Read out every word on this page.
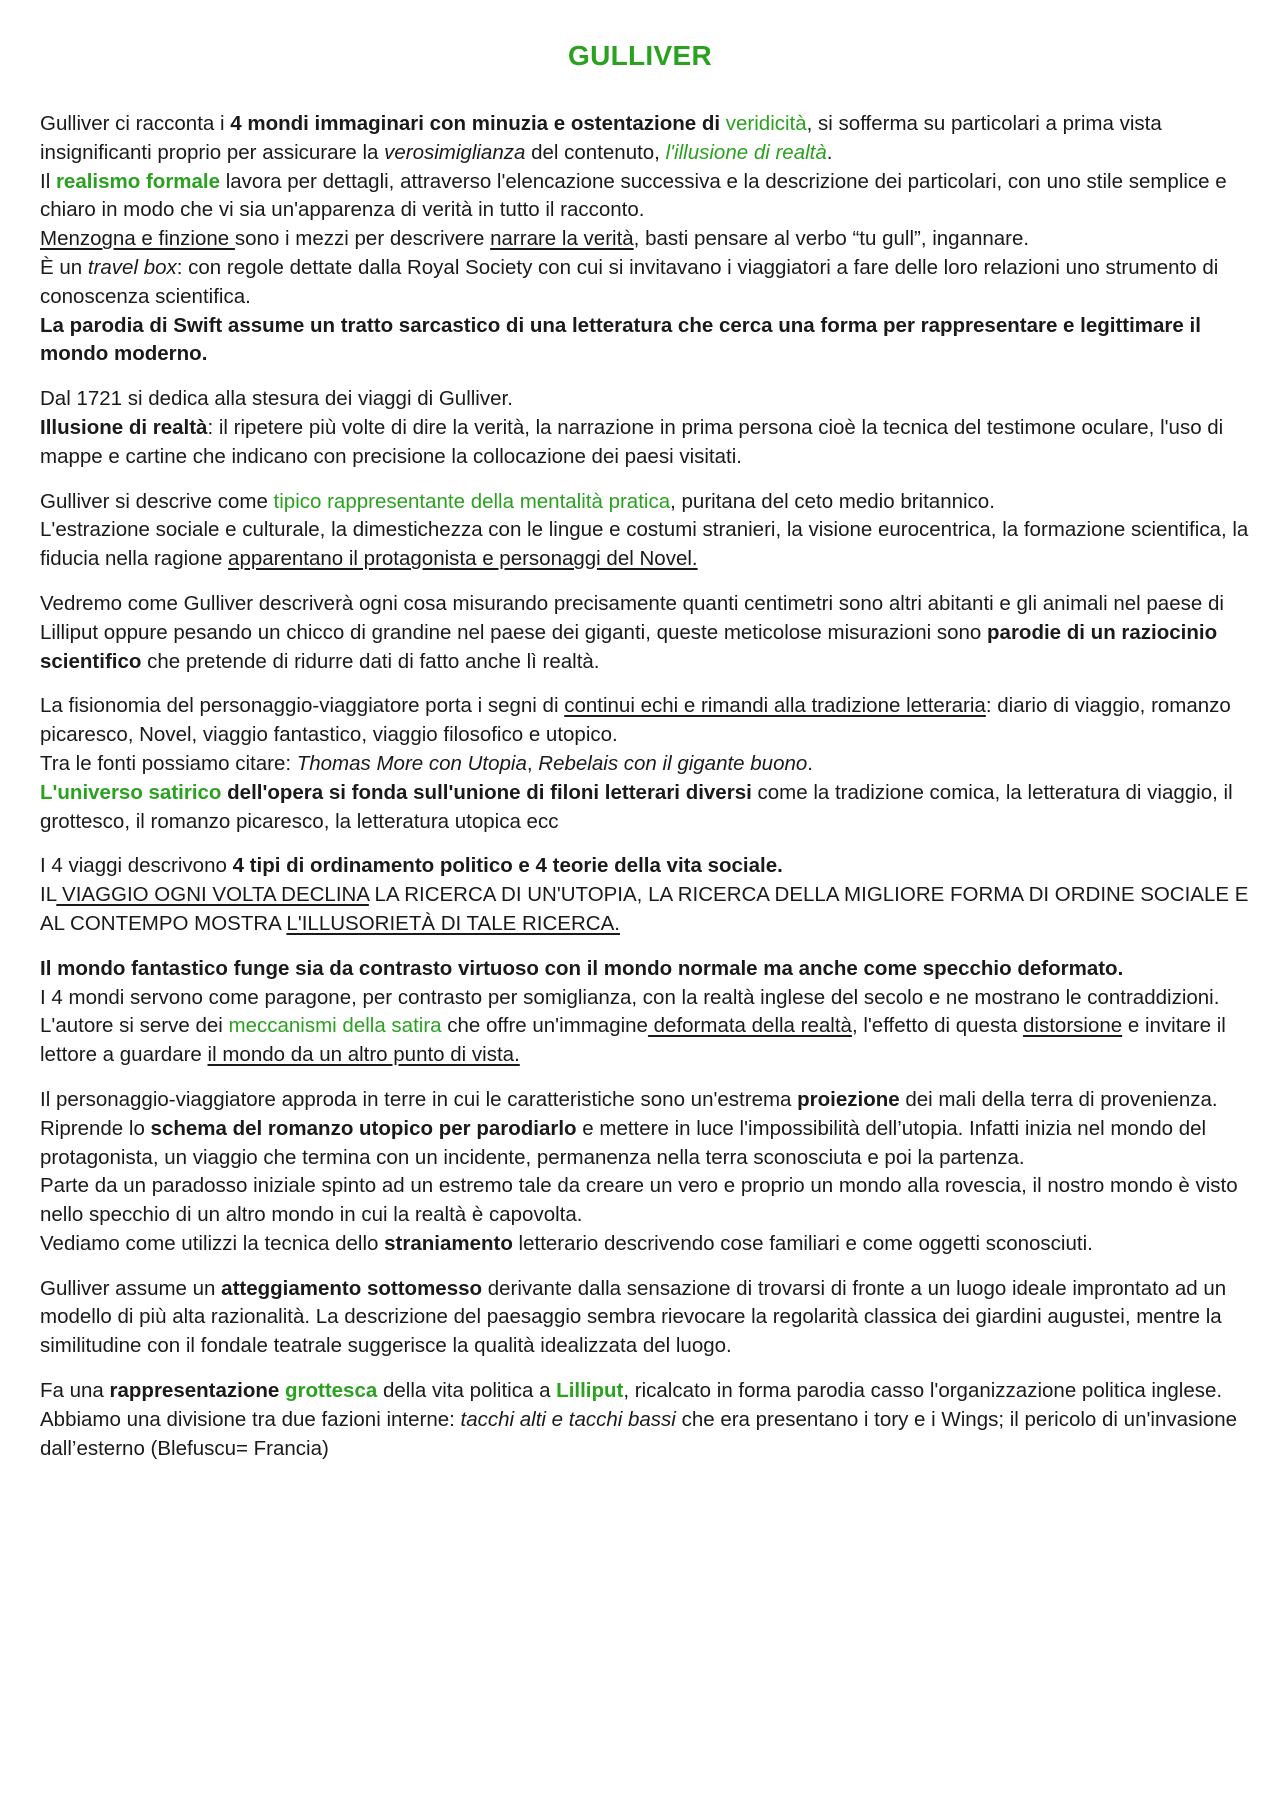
GULLIVER

Gulliver ci racconta i 4 mondi immaginari con minuzia e ostentazione di veridicità, si sofferma su particolari a prima vista insignificanti proprio per assicurare la verosimiglianza del contenuto, l'illusione di realtà.

Il realismo formale lavora per dettagli, attraverso l'elencazione successiva e la descrizione dei particolari, con uno stile semplice e chiaro in modo che vi sia un'apparenza di verità in tutto il racconto.

Menzogna e finzione sono i mezzi per descrivere narrare la verità, basti pensare al verbo “tu gull”, ingannare.

È un travel box: con regole dettate dalla Royal Society con cui si invitavano i viaggiatori a fare delle loro relazioni uno strumento di conoscenza scientifica.

La parodia di Swift assume un tratto sarcastico di una letteratura che cerca una forma per rappresentare e legittimare il mondo moderno.

Dal 1721 si dedica alla stesura dei viaggi di Gulliver.

Illusione di realtà: il ripetere più volte di dire la verità, la narrazione in prima persona cioè la tecnica del testimone oculare, l'uso di mappe e cartine che indicano con precisione la collocazione dei paesi visitati.

Gulliver si descrive come tipico rappresentante della mentalità pratica, puritana del ceto medio britannico.

L'estrazione sociale e culturale, la dimestichezza con le lingue e costumi stranieri, la visione eurocentrica, la formazione scientifica, la fiducia nella ragione apparentano il protagonista e personaggi del Novel.

Vedremo come Gulliver descriverà ogni cosa misurando precisamente quanti centimetri sono altri abitanti e gli animali nel paese di Lilliput oppure pesando un chicco di grandine nel paese dei giganti, queste meticolose misurazioni sono parodie di un raziocinio scientifico che pretende di ridurre dati di fatto anche lì realtà.

La fisionomia del personaggio-viaggiatore porta i segni di continui echi e rimandi alla tradizione letteraria: diario di viaggio, romanzo picaresco, Novel, viaggio fantastico, viaggio filosofico e utopico.

Tra le fonti possiamo citare: Thomas More con Utopia, Rebelais con il gigante buono.

L'universo satirico dell'opera si fonda sull'unione di filoni letterari diversi come la tradizione comica, la letteratura di viaggio, il grottesco, il romanzo picaresco, la letteratura utopica ecc

I 4 viaggi descrivono 4 tipi di ordinamento politico e 4 teorie della vita sociale.

IL VIAGGIO OGNI VOLTA DECLINA LA RICERCA DI UN'UTOPIA, LA RICERCA DELLA MIGLIORE FORMA DI ORDINE SOCIALE E AL CONTEMPO MOSTRA L'ILLUSORIETÀ DI TALE RICERCA.

Il mondo fantastico funge sia da contrasto virtuoso con il mondo normale ma anche come specchio deformato.

I 4 mondi servono come paragone, per contrasto per somiglianza, con la realtà inglese del secolo e ne mostrano le contraddizioni. L'autore si serve dei meccanismi della satira che offre un'immagine deformata della realtà, l'effetto di questa distorsione e invitare il lettore a guardare il mondo da un altro punto di vista.

Il personaggio-viaggiatore approda in terre in cui le caratteristiche sono un'estrema proiezione dei mali della terra di provenienza.

Riprende lo schema del romanzo utopico per parodiarlo e mettere in luce l'impossibilità dell’utopia. Infatti inizia nel mondo del protagonista, un viaggio che termina con un incidente, permanenza nella terra sconosciuta e poi la partenza.

Parte da un paradosso iniziale spinto ad un estremo tale da creare un vero e proprio un mondo alla rovescia, il nostro mondo è visto nello specchio di un altro mondo in cui la realtà è capovolta.

Vediamo come utilizzi la tecnica dello straniamento letterario descrivendo cose familiari e come oggetti sconosciuti.

Gulliver assume un atteggiamento sottomesso derivante dalla sensazione di trovarsi di fronte a un luogo ideale improntato ad un modello di più alta razionalità. La descrizione del paesaggio sembra rievocare la regolarità classica dei giardini augustei, mentre la similitudine con il fondale teatrale suggerisce la qualità idealizzata del luogo.

Fa una rappresentazione grottesca della vita politica a Lilliput, ricalcato in forma parodia casso l'organizzazione politica inglese. Abbiamo una divisione tra due fazioni interne: tacchi alti e tacchi bassi che era presentano i tory e i Wings; il pericolo di un'invasione dall’esterno (Blefuscu= Francia)
